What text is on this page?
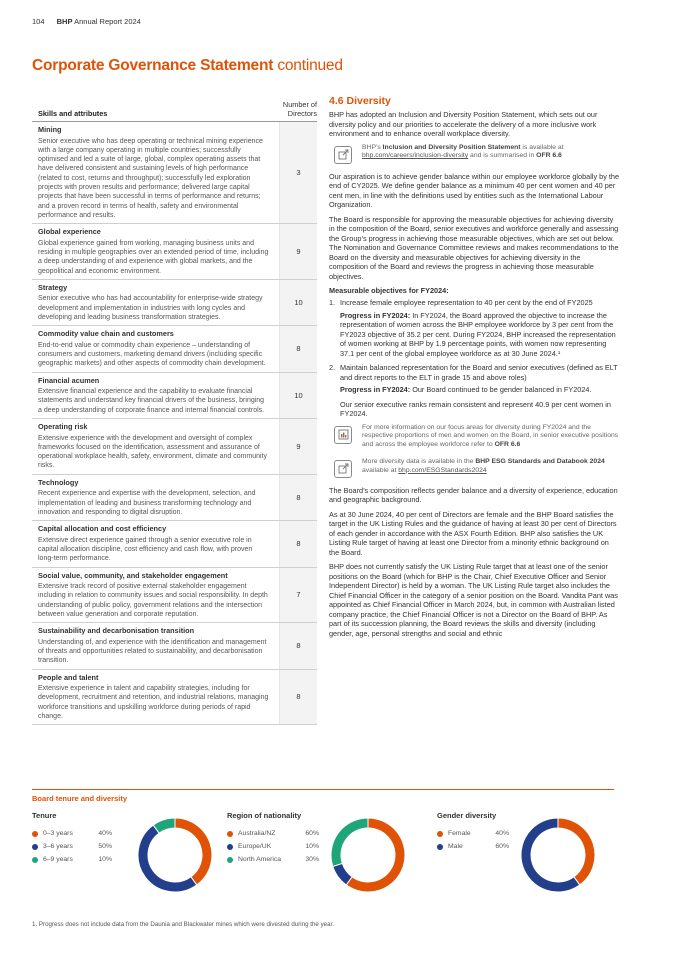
104 BHP Annual Report 2024
Corporate Governance Statement continued
Skills and attributes
Number of Directors
Mining
Senior executive who has deep operating or technical mining experience with a large company operating in multiple countries; successfully optimised and led a suite of large, global, complex operating assets that have delivered consistent and sustaining levels of high performance (related to cost, returns and throughput); successfully led exploration projects with proven results and performance; delivered large capital projects that have been successful in terms of performance and returns; and a proven record in terms of health, safety and environmental performance and results.
3
Global experience
Global experience gained from working, managing business units and residing in multiple geographies over an extended period of time, including a deep understanding of and experience with global markets, and the geopolitical and economic environment.
9
Strategy
Senior executive who has had accountability for enterprise-wide strategy development and implementation in industries with long cycles and developing and leading business transformation strategies.
10
Commodity value chain and customers
End-to-end value or commodity chain experience – understanding of consumers and customers, marketing demand drivers (including specific geographic markets) and other aspects of commodity chain development.
8
Financial acumen
Extensive financial experience and the capability to evaluate financial statements and understand key financial drivers of the business, bringing a deep understanding of corporate finance and internal financial controls.
10
Operating risk
Extensive experience with the development and oversight of complex frameworks focused on the identification, assessment and assurance of operational workplace health, safety, environment, climate and community risks.
9
Technology
Recent experience and expertise with the development, selection, and implementation of leading and business transforming technology and innovation and responding to digital disruption.
8
Capital allocation and cost efficiency
Extensive direct experience gained through a senior executive role in capital allocation discipline, cost efficiency and cash flow, with proven long-term performance.
8
Social value, community, and stakeholder engagement
Extensive track record of positive external stakeholder engagement including in relation to community issues and social responsibility. In depth understanding of public policy, government relations and the intersection between value generation and corporate reputation.
7
Sustainability and decarbonisation transition
Understanding of, and experience with the identification and management of threats and opportunities related to sustainability, and decarbonisation transition.
8
People and talent
Extensive experience in talent and capability strategies, including for development, recruitment and retention, and industrial relations, managing workforce transitions and upskilling workforce during periods of rapid change.
8
4.6 Diversity
BHP has adopted an Inclusion and Diversity Position Statement, which sets out our diversity policy and our priorities to accelerate the delivery of a more inclusive work environment and to enhance overall workplace diversity.
BHP’s Inclusion and Diversity Position Statement is available at bhp.com/careers/inclusion-diversity and is summarised in OFR 6.6
Our aspiration is to achieve gender balance within our employee workforce globally by the end of CY2025. We define gender balance as a minimum 40 per cent women and 40 per cent men, in line with the definitions used by entities such as the International Labour Organization.
The Board is responsible for approving the measurable objectives for achieving diversity in the composition of the Board, senior executives and workforce generally and assessing the Group’s progress in achieving those measurable objectives, which are set out below. The Nomination and Governance Committee reviews and makes recommendations to the Board on the diversity and measurable objectives for achieving diversity in the composition of the Board and reviews the progress in achieving those measurable objectives.
Measurable objectives for FY2024:
1. Increase female employee representation to 40 per cent by the end of FY2025
Progress in FY2024: In FY2024, the Board approved the objective to increase the representation of women across the BHP employee workforce by 3 per cent from the FY2023 objective of 35.2 per cent. During FY2024, BHP increased the representation of women working at BHP by 1.9 percentage points, with women now representing 37.1 per cent of the global employee workforce as at 30 June 2024.¹
2. Maintain balanced representation for the Board and senior executives (defined as ELT and direct reports to the ELT in grade 15 and above roles)
Progress in FY2024: Our Board continued to be gender balanced in FY2024.
Our senior executive ranks remain consistent and represent 40.9 per cent women in FY2024.
For more information on our focus areas for diversity during FY2024 and the respective proportions of men and women on the Board, in senior executive positions and across the employee workforce refer to OFR 6.6
More diversity data is available in the BHP ESG Standards and Databook 2024 available at bhp.com/ESGStandards2024
The Board’s composition reflects gender balance and a diversity of experience, education and geographic background.
As at 30 June 2024, 40 per cent of Directors are female and the BHP Board satisfies the target in the UK Listing Rules and the guidance of having at least 30 per cent of Directors of each gender in accordance with the ASX Fourth Edition. BHP also satisfies the UK Listing Rule target of having at least one Director from a minority ethnic background on the Board.
BHP does not currently satisfy the UK Listing Rule target that at least one of the senior positions on the Board (which for BHP is the Chair, Chief Executive Officer and Senior Independent Director) is held by a woman. The UK Listing Rule target also includes the Chief Financial Officer in the category of a senior position on the Board. Vandita Pant was appointed as Chief Financial Officer in March 2024, but, in common with Australian listed company practice, the Chief Financial Officer is not a Director on the Board of BHP. As part of its succession planning, the Board reviews the skills and diversity (including gender, age, personal strengths and social and ethnic
Board tenure and diversity
Tenure
0–3 years	40%
3–6 years	50%
6–9 years	10%
Region of nationality
Australia/NZ	60%
Europe/UK	10%
North America	30%
Gender diversity
Female	40%
Male	60%
1. Progress does not include data from the Daunia and Blackwater mines which were divested during the year.
